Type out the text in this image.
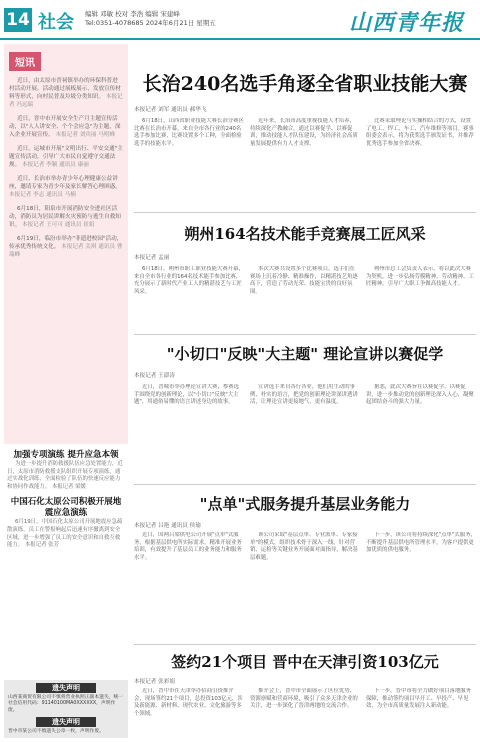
14 社会 编辑 邓敏 校对 李浩 编辑 宋建峰
Tel:0351-4078685 2024年6月21日 星期五	山西青年报
短讯
近日，由太原市晋祠镇举办的环保科普进村活动开展。活动通过展板展示、发放宣传材料等形式，向村民普及垃圾分类知识。 本报记者 冯远瑞
近日，晋中市开展安全生产月主题宣传活动，以"人人讲安全、个个会应急"为主题，深入企业开展宣传。 本报记者 刘宾丽 马明峰
近日，运城市开展"文明出行、平安交通"主题宣传活动，引导广大市民自觉遵守交通法规。 本报记者 李颖 通讯员 康丽
近日，长治市举办青少年心理健康公益讲座，邀请专家为青少年及家长解答心理困惑。 本报记者 李志 通讯员 马楠
6月18日，阳泉市开展消防安全进社区活动，消防员为居民讲解火灾预防与逃生自救知识。 本报记者 王可可 通讯员 崔娟
6月19日，临汾市举办"非遗进校园"活动，传承优秀传统文化。 本报记者 关琪 通讯员 曹瑞峰
加强专项演练 提升应急本领
为进一步提升消防救援队伍应急处置能力，近日，太原市消防救援支队组织开展专项演练，通过实战化训练，全面检验了队伍的快速反应能力和协同作战能力。 本报记者 梁媛
中国石化太原公司积极开展地震应急演练
6月19日，中国石化太原公司开展地震应急疏散演练，员工在警报响起后迅速有序撤离到安全区域，进一步增强了员工的安全意识和自救互救能力。 本报记者 张芳
遗失声明
山西某商贸有限公司不慎将营业执照正副本遗失，统一社会信用代码：91140100MA0XXXXXX，声明作废。
遗失声明
晋中市某公司不慎遗失公章一枚，声明作废。
长治240名选手角逐全省职业技能大赛
本报记者 刘军 通讯员 郝华飞
6月18日，山西省职业技能大赛长治分赛区比赛在长治市开幕，来自全市各行业的240名选手参加比赛，比赛设置多个工种，全面检验选手的技能水平。
近年来，长治市高度重视技能人才培养，持续深化产教融合，通过以赛促学、以赛促训，推动技能人才队伍建设，为经济社会高质量发展提供有力人才支撑。
比赛采取理论与实操相结合的方式，设置了电工、焊工、车工、汽车维修等项目。赛事组委会表示，将为获奖选手颁发证书，并推荐优秀选手参加全省决赛。
朔州164名技术能手竞赛展工匠风采
本报记者 孟丽
6月18日，朔州市职工职业技能大赛开幕，来自全市各行业的164名技术能手参加比赛，充分展示了新时代产业工人的精湛技艺与工匠风采。
本次大赛共设置多个比赛项目，选手们在赛场上沉着冷静、精准操作，以精湛技艺角逐高下，营造了劳动光荣、技能宝贵的良好氛围。
朔州市总工会负责人表示，将以此次大赛为契机，进一步弘扬劳模精神、劳动精神、工匠精神，引导广大职工争做高技能人才。
"小切口"反映"大主题" 理论宣讲以赛促学
本报记者 王澎涛
近日，晋城市举办理论宣讲大赛，参赛选手围绕党的创新理论，以"小切口"反映"大主题"，用通俗易懂的语言讲述身边的故事。
宣讲选手来自各行各业，他们用生动的事例、朴实的语言，把党的创新理论讲深讲透讲活，让理论宣讲更接地气、更有温度。
据悉，此次大赛旨在以赛促学、以赛促讲，进一步推动党的创新理论深入人心，凝聚起团结奋斗的强大力量。
"点单"式服务提升基层业务能力
本报记者 吕艳 通讯员 侯瑜
近日，国网吕梁供电公司开展"点单"式服务，根据基层供电所实际需求，精准开展业务培训，有效提升了基层员工的业务能力和服务水平。
该公司采取"基层点单、专业派单、专家接单"的模式，组织技术骨干深入一线，针对营销、运检等关键业务开展面对面指导，解决基层难题。
下一步，该公司将持续深化"点单"式服务，不断提升基层供电所管理水平，为客户提供更加优质的供电服务。
签约21个项目 晋中在天津引资103亿元
本报记者 张彩娟
近日，晋中市在天津举办招商引资推介会，现场签约21个项目，总投资103亿元，涉及新能源、新材料、现代农业、文化旅游等多个领域。
推介会上，晋中市全面展示了区位优势、资源禀赋和营商环境，吸引了众多天津企业的关注，进一步深化了晋津两地的交流合作。
下一步，晋中市将全力做好项目落地服务保障，推动签约项目早开工、早投产、早见效，为全市高质量发展注入新动能。
